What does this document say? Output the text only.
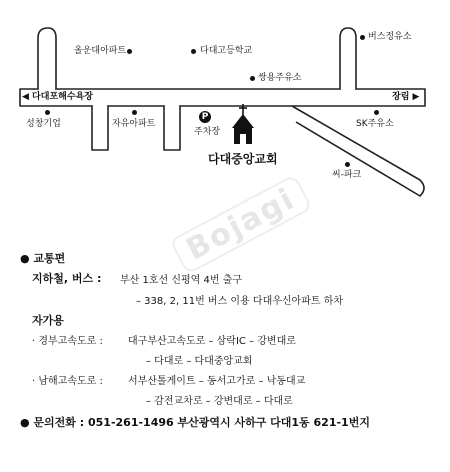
올운대아파트	다대고등학교
버스정유소
쌍용주유소
◀ 다대포해수욕장	장림 ▶
성창기업	자유아파트
P
주차장
SK주유소
다대중앙교회
씨-파크
Bojagi
● 교통편
지하철, 버스 : 부산 1호선 신평역 4번 출구
– 338, 2, 11번 버스 이용 다대우신아파트 하차
자가용
· 경부고속도로 :	대구부산고속도로 – 삼락IC – 강변대로
– 다대로 – 다대중앙교회
· 남해고속도로 :	서부산톨게이트 – 동서고가로 – 낙동대교
– 감전교차로 – 강변대로 – 다대로
● 문의전화 : 051-261-1496 부산광역시 사하구 다대1동 621-1번지
